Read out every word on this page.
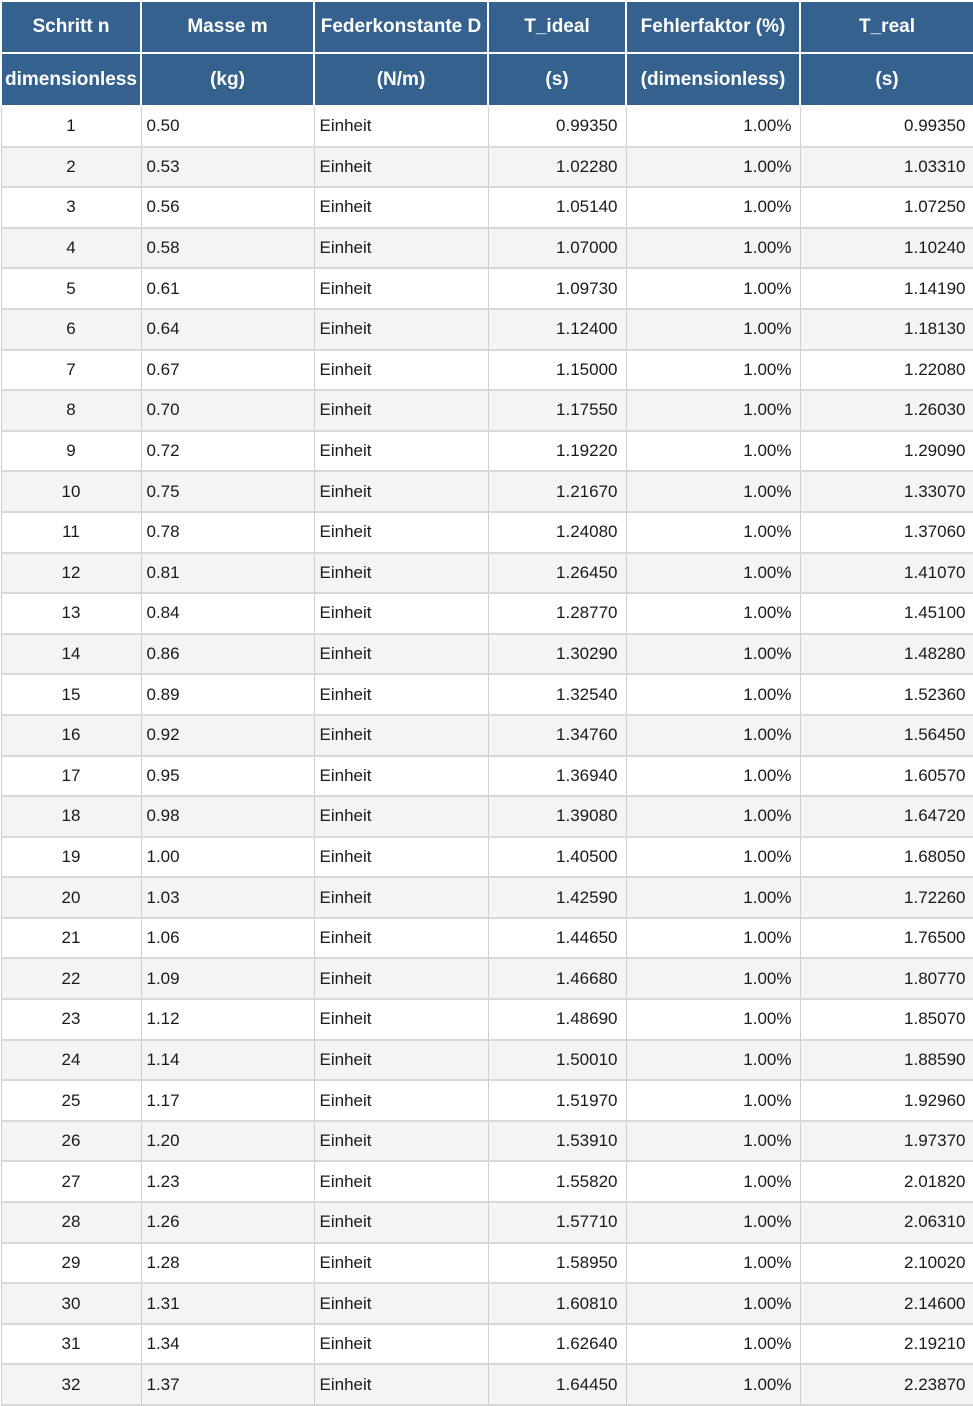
Schritt n	Masse m	Federkonstante D	T_ideal	Fehlerfaktor (%)	T_real
dimensionless	(kg)	(N/m)	(s)	(dimensionless)	(s)
1	0.50	Einheit	0.99350	1.00%	0.99350
2	0.53	Einheit	1.02280	1.00%	1.03310
3	0.56	Einheit	1.05140	1.00%	1.07250
4	0.58	Einheit	1.07000	1.00%	1.10240
5	0.61	Einheit	1.09730	1.00%	1.14190
6	0.64	Einheit	1.12400	1.00%	1.18130
7	0.67	Einheit	1.15000	1.00%	1.22080
8	0.70	Einheit	1.17550	1.00%	1.26030
9	0.72	Einheit	1.19220	1.00%	1.29090
10	0.75	Einheit	1.21670	1.00%	1.33070
11	0.78	Einheit	1.24080	1.00%	1.37060
12	0.81	Einheit	1.26450	1.00%	1.41070
13	0.84	Einheit	1.28770	1.00%	1.45100
14	0.86	Einheit	1.30290	1.00%	1.48280
15	0.89	Einheit	1.32540	1.00%	1.52360
16	0.92	Einheit	1.34760	1.00%	1.56450
17	0.95	Einheit	1.36940	1.00%	1.60570
18	0.98	Einheit	1.39080	1.00%	1.64720
19	1.00	Einheit	1.40500	1.00%	1.68050
20	1.03	Einheit	1.42590	1.00%	1.72260
21	1.06	Einheit	1.44650	1.00%	1.76500
22	1.09	Einheit	1.46680	1.00%	1.80770
23	1.12	Einheit	1.48690	1.00%	1.85070
24	1.14	Einheit	1.50010	1.00%	1.88590
25	1.17	Einheit	1.51970	1.00%	1.92960
26	1.20	Einheit	1.53910	1.00%	1.97370
27	1.23	Einheit	1.55820	1.00%	2.01820
28	1.26	Einheit	1.57710	1.00%	2.06310
29	1.28	Einheit	1.58950	1.00%	2.10020
30	1.31	Einheit	1.60810	1.00%	2.14600
31	1.34	Einheit	1.62640	1.00%	2.19210
32	1.37	Einheit	1.64450	1.00%	2.23870
